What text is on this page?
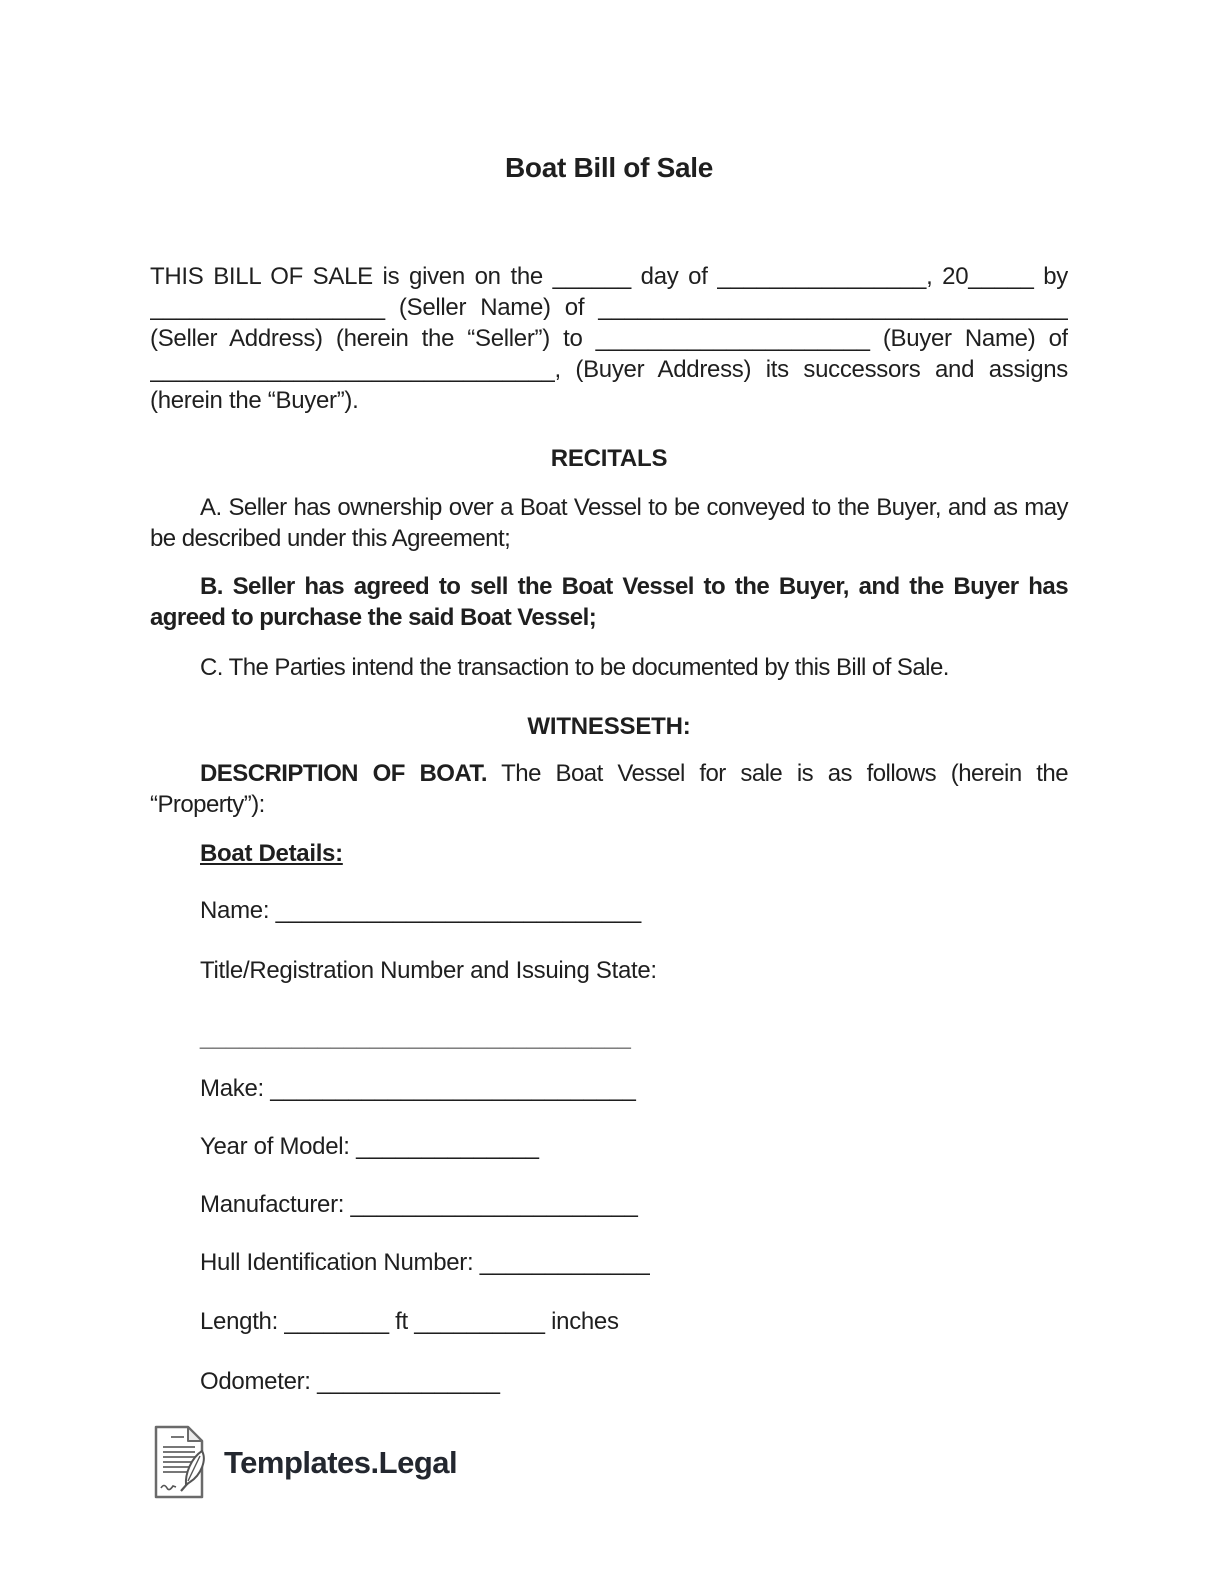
Boat Bill of Sale
THIS BILL OF SALE is given on the ______ day of ________________, 20_____ by
__________________ (Seller Name) of ____________________________________
(Seller Address) (herein the “Seller”) to _____________________ (Buyer Name) of
_______________________________, (Buyer Address) its successors and assigns
(herein the “Buyer”).
RECITALS

A. Seller has ownership over a Boat Vessel to be conveyed to the Buyer, and as may be described under this Agreement;

B. Seller has agreed to sell the Boat Vessel to the Buyer, and the Buyer has agreed to purchase the said Boat Vessel;

C. The Parties intend the transaction to be documented by this Bill of Sale.

WITNESSETH:

DESCRIPTION OF BOAT. The Boat Vessel for sale is as follows (herein the “Property”):

Boat Details:
Name: ____________________________
Title/Registration Number and Issuing State:
_________________________________
Make: ____________________________
Year of Model: ______________
Manufacturer: ______________________
Hull Identification Number: _____________
Length: ________ ft __________ inches
Odometer: ______________
Templates.Legal
